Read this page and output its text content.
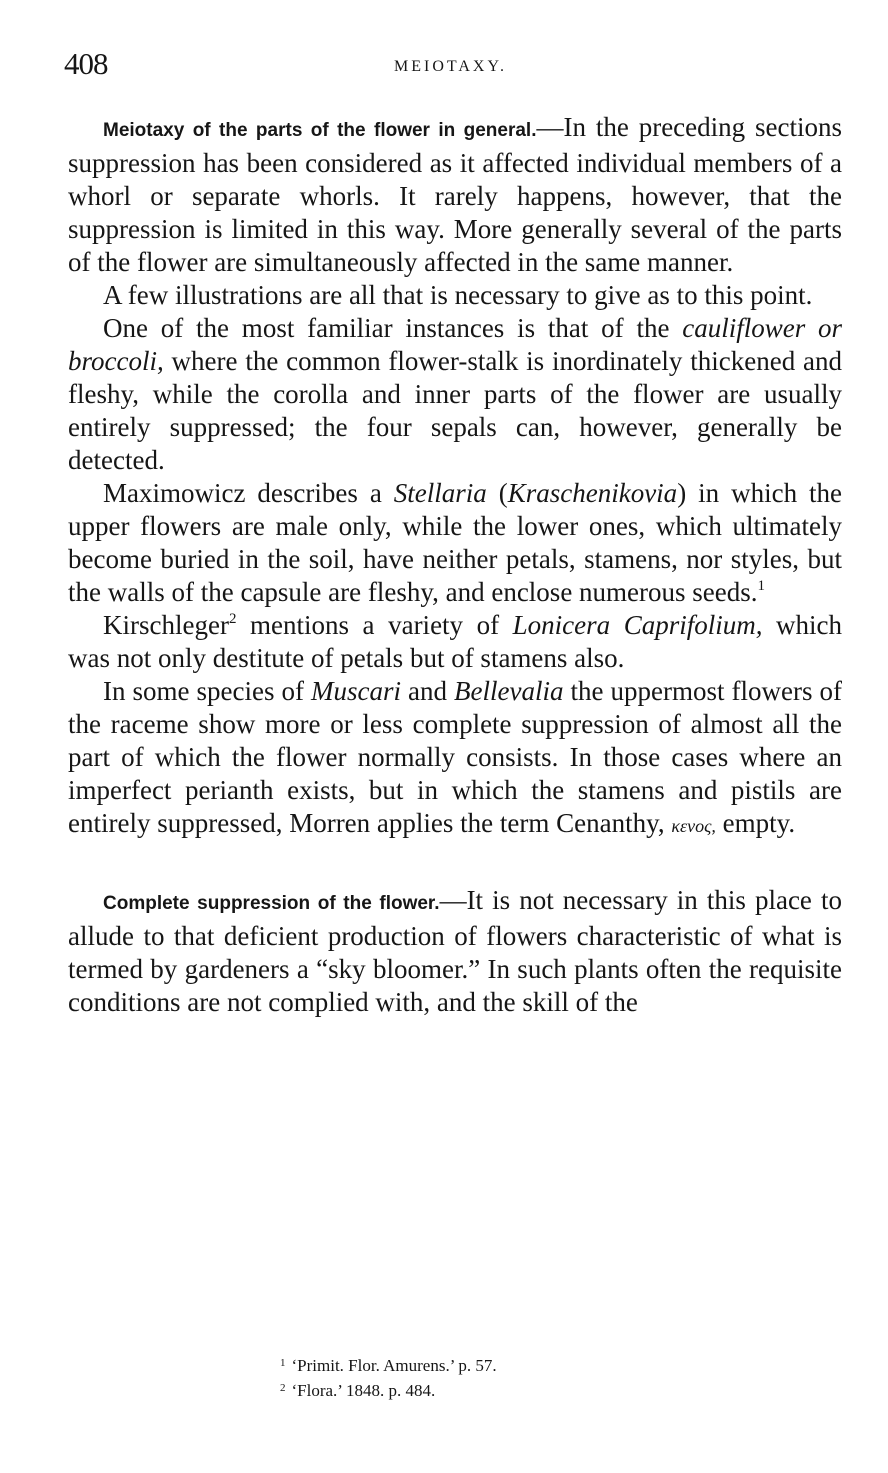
408	MEIOTAXY.

Meiotaxy of the parts of the flower in general.—In the preceding sections suppression has been considered as it affected individual members of a whorl or separate whorls. It rarely happens, however, that the suppression is limited in this way. More generally several of the parts of the flower are simultaneously affected in the same manner.

A few illustrations are all that is necessary to give as to this point.

One of the most familiar instances is that of the cauliflower or broccoli, where the common flower-stalk is inordinately thickened and fleshy, while the corolla and inner parts of the flower are usually entirely suppressed; the four sepals can, however, generally be detected.

Maximowicz describes a Stellaria (Kraschenikovia) in which the upper flowers are male only, while the lower ones, which ultimately become buried in the soil, have neither petals, stamens, nor styles, but the walls of the capsule are fleshy, and enclose numerous seeds.$^1$

Kirschleger$^2$ mentions a variety of Lonicera Caprifolium, which was not only destitute of petals but of stamens also.

In some species of Muscari and Bellevalia the uppermost flowers of the raceme show more or less complete suppression of almost all the part of which the flower normally consists. In those cases where an imperfect perianth exists, but in which the stamens and pistils are entirely suppressed, Morren applies the term Cenanthy, κενος, empty.

Complete suppression of the flower.—It is not necessary in this place to allude to that deficient production of flowers characteristic of what is termed by gardeners a “sky bloomer.” In such plants often the requisite conditions are not complied with, and the skill of the

$^1$ ‘Primit. Flor. Amurens.’ p. 57.

$^2$ ‘Flora.’ 1848. p. 484.
